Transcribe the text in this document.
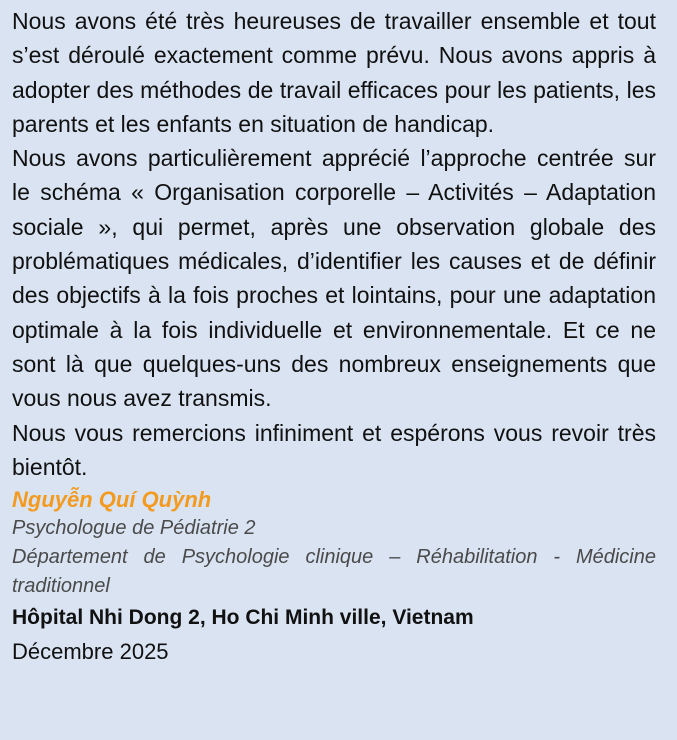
Nous avons été très heureuses de travailler ensemble et tout s’est déroulé exactement comme prévu. Nous avons appris à adopter des méthodes de travail efficaces pour les patients, les parents et les enfants en situation de handicap.

Nous avons particulièrement apprécié l’approche centrée sur le schéma « Organisation corporelle – Activités – Adaptation sociale », qui permet, après une observation globale des problématiques médicales, d’identifier les causes et de définir des objectifs à la fois proches et lointains, pour une adaptation optimale à la fois individuelle et environnementale. Et ce ne sont là que quelques-uns des nombreux enseignements que vous nous avez transmis.

Nous vous remercions infiniment et espérons vous revoir très bientôt.

Nguyễn Quí Quỳnh

Psychologue de Pédiatrie 2

Département de Psychologie clinique – Réhabilitation - Médicine traditionnel

Hôpital Nhi Dong 2, Ho Chi Minh ville, Vietnam

Décembre 2025
